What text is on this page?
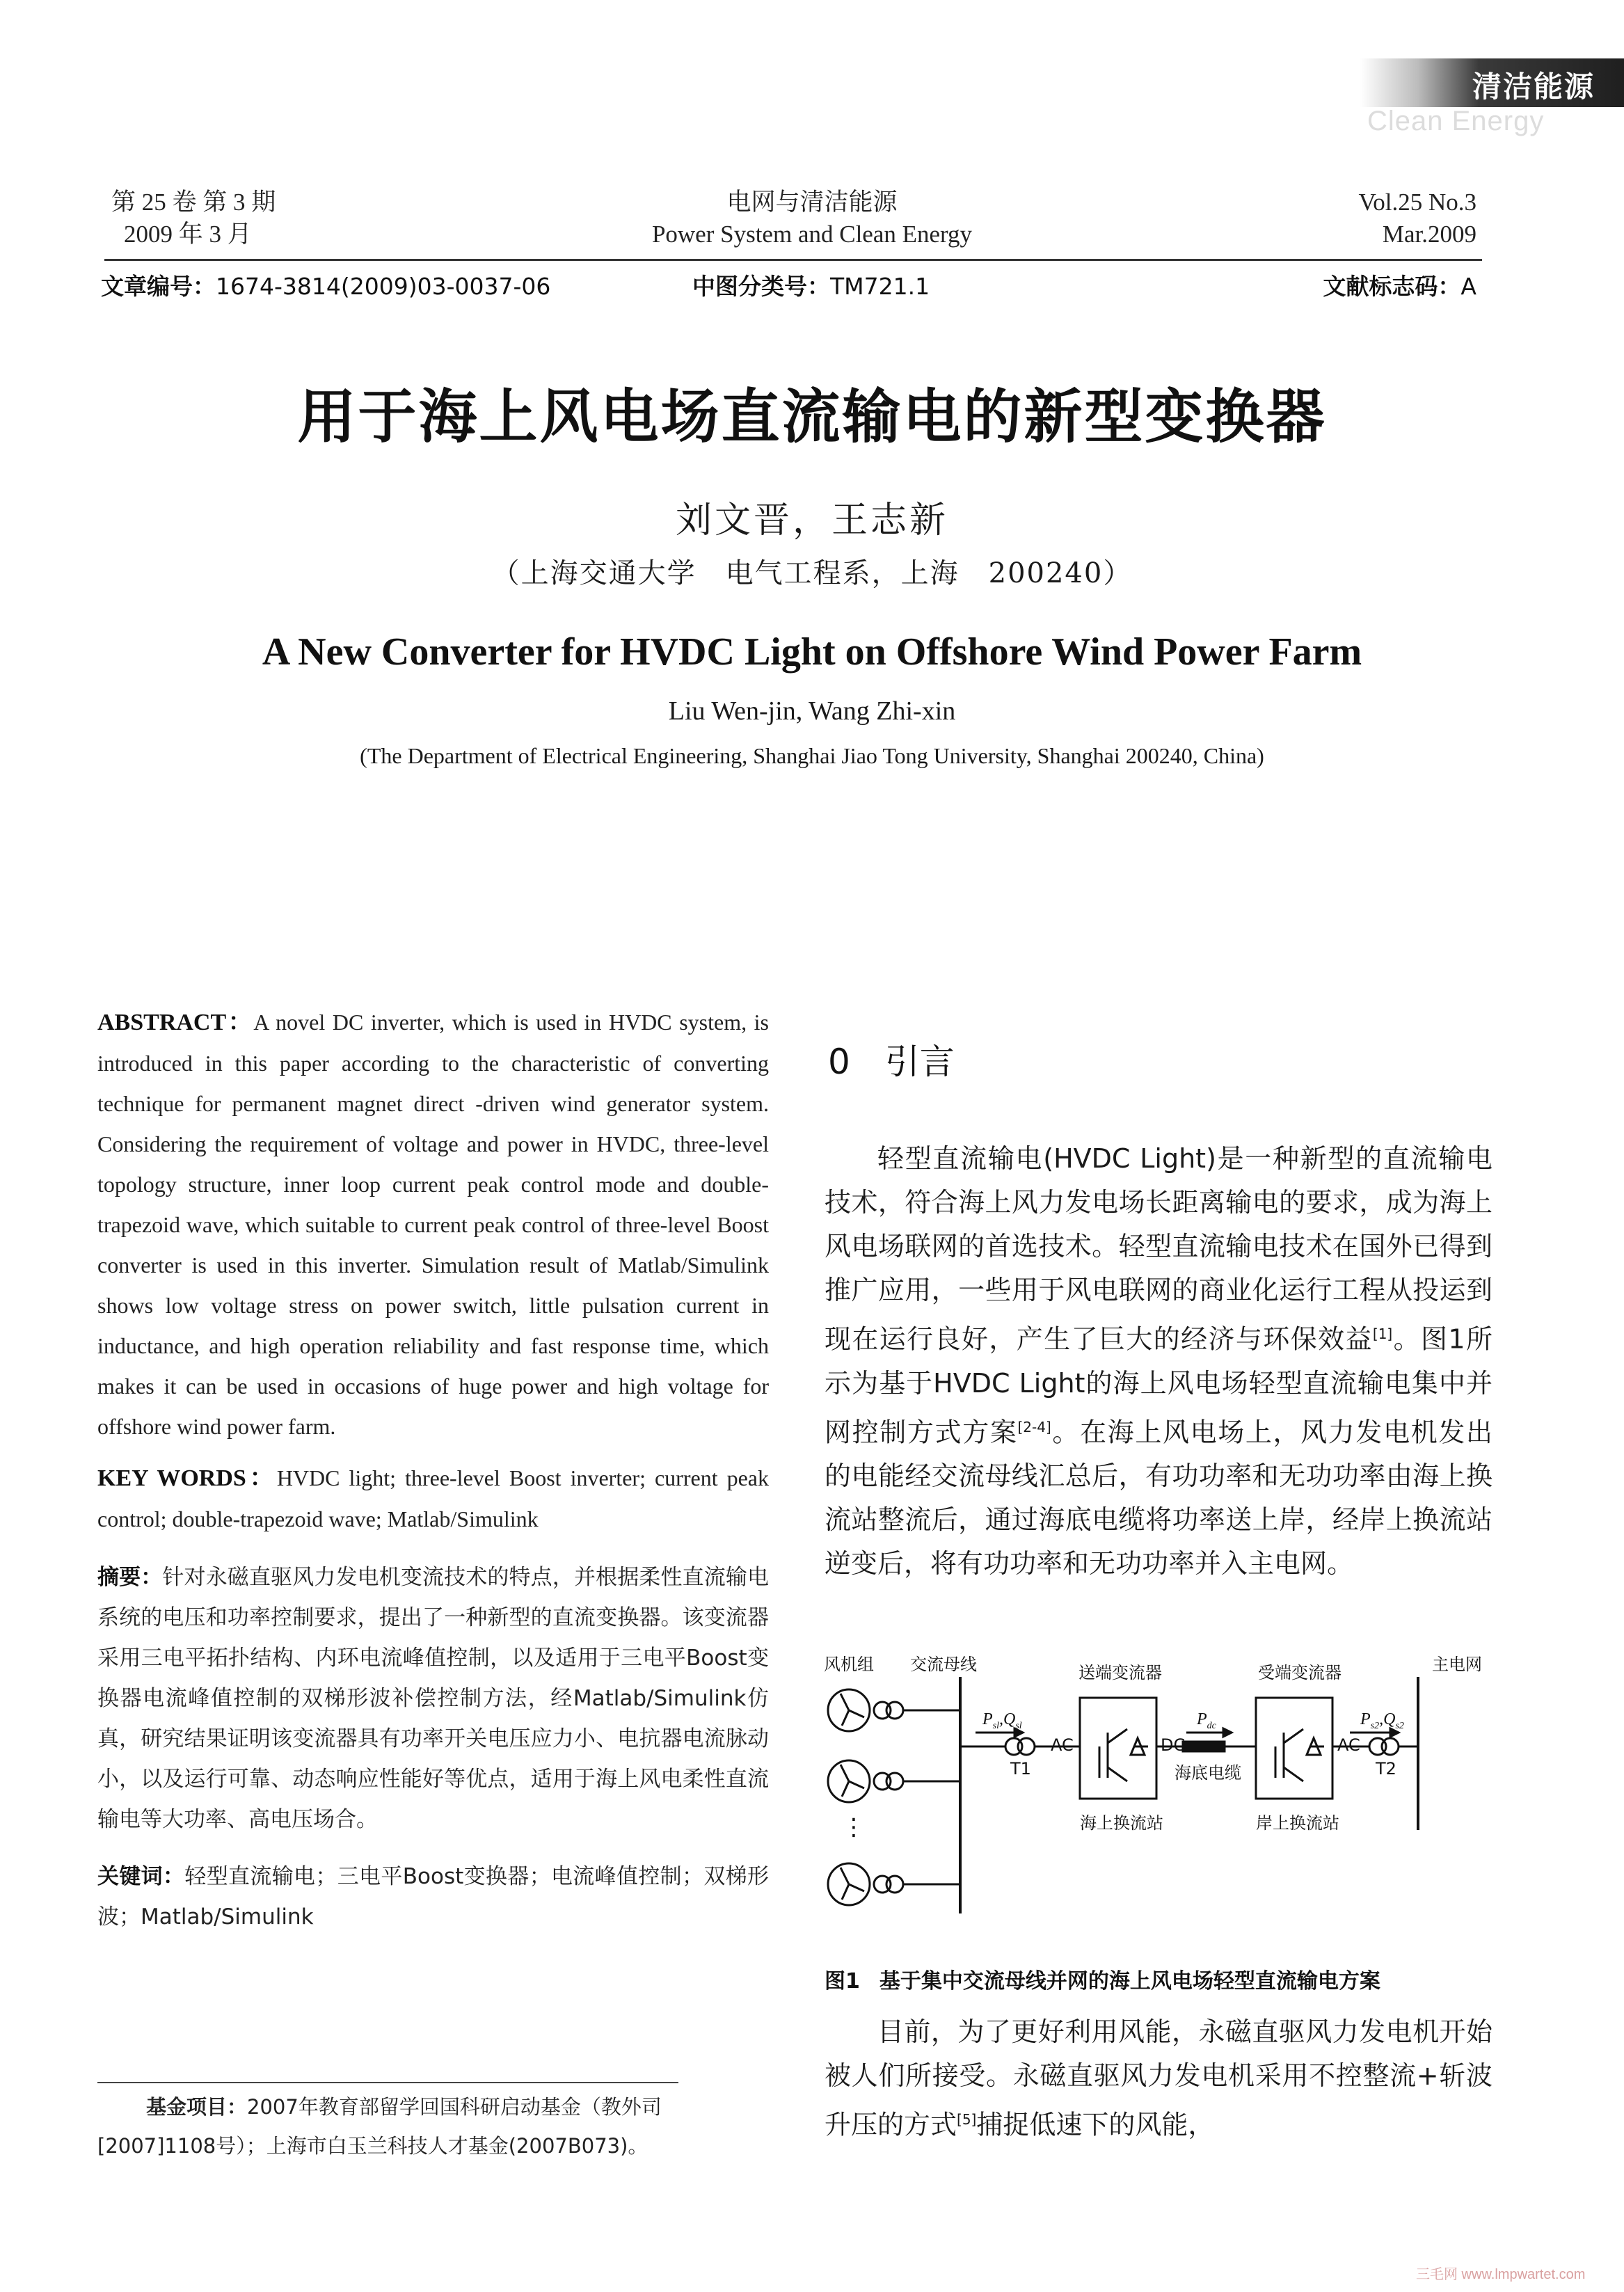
清洁能源
Clean Energy
第 25 卷 第 3 期
2009 年 3 月
电网与清洁能源
Power System and Clean Energy
Vol.25 No.3
Mar.2009
文章编号：1674-3814(2009)03-0037-06	中图分类号：TM721.1	文献标志码：A
用于海上风电场直流输电的新型变换器
刘文晋，王志新
（上海交通大学　电气工程系，上海　200240）
A New Converter for HVDC Light on Offshore Wind Power Farm
Liu Wen-jin, Wang Zhi-xin
(The Department of Electrical Engineering, Shanghai Jiao Tong University, Shanghai 200240, China)
ABSTRACT：A novel DC inverter, which is used in HVDC system, is introduced in this paper according to the characteristic of converting technique for permanent magnet direct -driven wind generator system. Considering the requirement of voltage and power in HVDC, three-level topology structure, inner loop current peak control mode and double-trapezoid wave, which suitable to current peak control of three-level Boost converter is used in this inverter. Simulation result of Matlab/Simulink shows low voltage stress on power switch, little pulsation current in inductance, and high operation reliability and fast response time, which makes it can be used in occasions of huge power and high voltage for offshore wind power farm.
KEY WORDS：HVDC light; three-level Boost inverter; current peak control; double-trapezoid wave; Matlab/Simulink
摘要：针对永磁直驱风力发电机变流技术的特点，并根据柔性直流输电系统的电压和功率控制要求，提出了一种新型的直流变换器。该变流器采用三电平拓扑结构、内环电流峰值控制，以及适用于三电平Boost变换器电流峰值控制的双梯形波补偿控制方法，经Matlab/Simulink仿真，研究结果证明该变流器具有功率开关电压应力小、电抗器电流脉动小，以及运行可靠、动态响应性能好等优点，适用于海上风电柔性直流输电等大功率、高电压场合。
关键词：轻型直流输电；三电平Boost变换器；电流峰值控制；双梯形波；Matlab/Simulink
基金项目：2007年教育部留学回国科研启动基金（教外司[2007]1108号）；上海市白玉兰科技人才基金(2007B073)。
0 引言
轻型直流输电(HVDC Light)是一种新型的直流输电技术，符合海上风力发电场长距离输电的要求，成为海上风电场联网的首选技术。轻型直流输电技术在国外已得到推广应用，一些用于风电联网的商业化运行工程从投运到现在运行良好，产生了巨大的经济与环保效益[1]。图1所示为基于HVDC Light的海上风电场轻型直流输电集中并网控制方式方案[2-4]。在海上风电场上，风力发电机发出的电能经交流母线汇总后，有功功率和无功功率由海上换流站整流后，通过海底电缆将功率送上岸，经岸上换流站逆变后，将有功功率和无功功率并入主电网。
风机组 交流母线	送端变流器	受端变流器	主电网
$P_{sl},Q_{sl}$	$P_{dc}$	$P_{s2},Q_{s2}$
AC	DC	AC
T1	T2
海底电缆
海上换流站	岸上换流站
⋮
图1 基于集中交流母线并网的海上风电场轻型直流输电方案
目前，为了更好利用风能，永磁直驱风力发电机开始被人们所接受。永磁直驱风力发电机采用不控整流+斩波升压的方式[5]捕捉低速下的风能，
三毛网 www.lmpwartet.com
